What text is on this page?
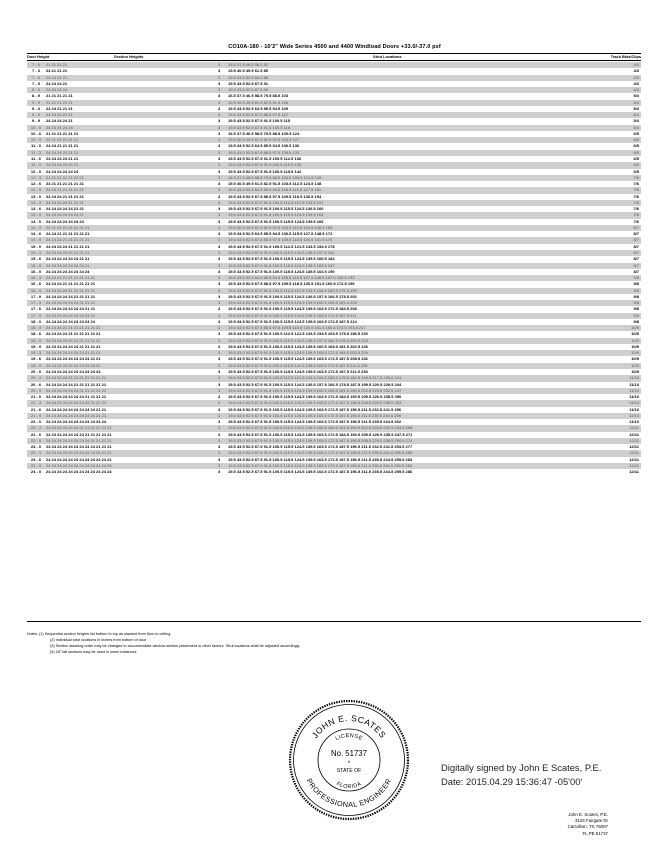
CO10A-180 - 10'2" Wide Series 4500 and 4400 Windload Doors +33.0/-37.0 psf
Door Height	Section Heights	Strut Locations	Track Bkts/Clips
7 - 0	21 21 21 21	3 16.5 37.5 46.5 58.5 82	4/3
7 - 3	24 21 21 21	3 19.5 40.5 49.5 61.5 85	4/3
7 - 6	24 24 21 21	3 19.5 43.5 52.5 64.5 88	4/3
7 - 9	24 24 24 21	3 19.5 43.5 52.5 67.5 91	4/3
8 - 0	24 24 24 24	3 19.5 43.5 52.5 67.5 94	4/3
8 - 9	21 21 21 21 21	3 16.5 37.5 46.5 58.5 79.5 88.5 103	5/4
9 - 0	21 21 21 21 21	3 19.5 40.5 49.5 61.5 82.5 91.5 106	5/4
9 - 3	24 24 21 21 21	3 19.5 43.5 52.5 64.5 85.5 94.5 109	5/4
9 - 6	24 24 24 21 21	3 19.5 43.5 52.5 67.5 88.5 97.5 112	5/4
9 - 9	24 24 24 24 21	3 19.5 43.5 52.5 67.5 91.5 100.5 115	5/4
10 - 0	24 24 24 24 24	3 19.5 43.5 52.5 67.5 91.5 100.5 118	5/4
10 - 6	21 21 21 21 21 21	3 16.5 37.5 46.5 58.5 79.5 88.5 100.5 124	6/5
10 - 9	24 21 21 21 21 21	3 19.5 40.5 49.5 61.5 82.5 91.5 103.5 127	6/5
11 - 0	24 24 21 21 21 21	3 19.5 43.5 52.5 64.5 85.5 94.5 106.5 130	6/5
11 - 3	24 24 24 21 21 21	3 19.5 43.5 52.5 67.5 88.5 97.5 109.5 133	6/5
11 - 6	24 24 24 24 21 21	3 19.5 43.5 52.5 67.5 91.5 100.5 112.5 136	6/5
11 - 9	24 24 24 24 24 21	3 19.5 43.5 52.5 67.5 91.5 100.5 115.5 139	6/5
12 - 0	24 24 24 24 24 24	3 19.5 43.5 52.5 67.5 91.5 100.5 115.5 142	6/5
12 - 3	21 21 21 21 21 21 21	3 16.5 37.5 46.5 58.5 79.5 88.5 100.5 109.5 121.5 145	7/6
12 - 6	24 21 21 21 21 21 21	3 19.5 40.5 49.5 61.5 82.5 91.5 103.5 112.5 124.5 148	7/6
12 - 9	24 24 21 21 21 21 21	3 19.5 43.5 52.5 64.5 85.5 94.5 106.5 115.5 127.5 151	7/6
13 - 0	24 24 24 21 21 21 21	3 19.5 43.5 52.5 67.5 88.5 97.5 109.5 118.5 130.5 154	7/6
13 - 3	24 24 24 24 21 21 21	3 19.5 43.5 52.5 67.5 91.5 100.5 112.5 121.5 133.5 157	7/6
13 - 6	24 24 24 24 24 21 21	3 19.5 43.5 52.5 67.5 91.5 100.5 115.5 124.5 136.5 160	7/6
13 - 9	24 24 24 24 24 24 21	3 19.5 43.5 52.5 67.5 91.5 100.5 115.5 124.5 139.5 163	7/6
14 - 0	24 24 24 24 24 24 24	3 19.5 43.5 52.5 67.5 91.5 100.5 115.5 124.5 139.5 166	7/6
14 - 3	24 21 21 21 21 21 21 21	3 19.5 40.5 49.5 61.5 82.5 91.5 103.5 112.5 124.5 145.5 169	8/7
14 - 6	24 24 21 21 21 21 21 21	3 19.5 43.5 52.5 64.5 85.5 94.5 106.5 115.5 127.5 148.5 172	8/7
14 - 9	24 24 24 21 21 21 21 21	3 19.5 43.5 52.5 67.5 88.5 97.5 109.5 118.5 130.5 151.5 175	8/7
15 - 0	24 24 24 24 21 21 21 21	3 19.5 43.5 52.5 67.5 91.5 100.5 112.5 121.5 133.5 154.5 178	8/7
15 - 3	24 24 24 24 24 21 21 21	3 19.5 43.5 52.5 67.5 91.5 100.5 115.5 124.5 136.5 157.5 181	8/7
15 - 6	24 24 24 24 24 24 21 21	3 19.5 43.5 52.5 67.5 91.5 100.5 115.5 124.5 139.5 160.5 184	8/7
15 - 9	24 24 24 24 24 24 24 21	3 19.5 43.5 52.5 67.5 91.5 100.5 115.5 124.5 139.5 163.5 187	8/7
16 - 0	24 24 24 24 24 24 24 24	3 19.5 43.5 52.5 67.5 91.5 100.5 115.5 124.5 139.5 163.5 190	8/7
16 - 3	24 24 21 21 21 21 21 21 21	3 19.5 43.5 52.5 64.5 85.5 94.5 106.5 115.5 127.5 148.5 157.5 169.5 193	9/8
16 - 6	24 24 24 21 21 21 21 21 21	3 19.5 43.5 52.5 67.5 88.5 97.5 109.5 118.5 130.5 151.5 160.5 172.5 196	9/8
16 - 9	24 24 24 24 21 21 21 21 21	3 19.5 43.5 52.5 67.5 91.5 100.5 112.5 121.5 133.5 154.5 163.5 175.5 199	9/8
17 - 0	24 24 24 24 24 21 21 21 21	3 19.5 43.5 52.5 67.5 91.5 100.5 115.5 124.5 136.5 157.5 166.5 178.5 202	9/8
17 - 3	24 24 24 24 24 24 21 21 21	3 19.5 43.5 52.5 67.5 91.5 100.5 115.5 124.5 139.5 160.5 169.5 181.5 205	9/8
17 - 6	24 24 24 24 24 24 24 21 21	3 19.5 43.5 52.5 67.5 91.5 100.5 115.5 124.5 139.5 163.5 172.5 184.5 208	9/8
17 - 9	24 24 24 24 24 24 24 24 21	3 19.5 43.5 52.5 67.5 91.5 100.5 115.5 124.5 139.5 163.5 172.5 187.5 211	9/8
18 - 0	24 24 24 24 24 24 24 24 24	3 19.5 43.5 52.5 67.5 91.5 100.5 115.5 124.5 139.5 163.5 172.5 187.5 214	9/8
18 - 3	24 24 24 21 21 21 21 21 21 21	3 19.5 43.5 52.5 67.5 88.5 97.5 109.5 118.5 130.5 151.5 160.5 172.5 193.5 217	10/9
18 - 6	24 24 24 24 21 21 21 21 21 21	3 19.5 43.5 52.5 67.5 91.5 100.5 112.5 121.5 133.5 154.5 163.5 175.5 196.5 220	10/9
18 - 9	24 24 24 24 24 21 21 21 21 21	3 19.5 43.5 52.5 67.5 91.5 100.5 115.5 124.5 136.5 157.5 166.5 178.5 199.5 223	10/9
19 - 0	24 24 24 24 24 24 21 21 21 21	3 19.5 43.5 52.5 67.5 91.5 100.5 115.5 124.5 139.5 160.5 169.5 181.5 202.5 226	10/9
19 - 3	24 24 24 24 24 24 24 21 21 21	3 19.5 43.5 52.5 67.5 91.5 100.5 115.5 124.5 139.5 163.5 172.5 184.5 205.5 229	10/9
19 - 6	24 24 24 24 24 24 24 24 21 21	3 19.5 43.5 52.5 67.5 91.5 100.5 115.5 124.5 139.5 163.5 172.5 187.5 208.5 232	10/9
19 - 9	24 24 24 24 24 24 24 24 24 21	3 19.5 43.5 52.5 67.5 91.5 100.5 115.5 124.5 139.5 163.5 172.5 187.5 211.5 235	10/9
20 - 0	24 24 24 24 24 24 24 24 24 24	3 19.5 43.5 52.5 67.5 91.5 100.5 115.5 124.5 139.5 163.5 172.5 187.5 211.5 238	10/9
20 - 3	24 24 24 24 21 21 21 21 21 21 21	3 19.5 43.5 52.5 67.5 91.5 100.5 112.5 121.5 133.5 154.5 163.5 175.5 184.5 196.5 217.5 226.5 241	11/10
20 - 6	24 24 24 24 24 21 21 21 21 21 21	3 19.5 43.5 52.5 67.5 91.5 100.5 115.5 124.5 136.5 157.5 166.5 178.5 187.5 199.5 220.5 229.5 244	11/10
20 - 9	24 24 24 24 24 24 21 21 21 21 21	3 19.5 43.5 52.5 67.5 91.5 100.5 115.5 124.5 139.5 160.5 169.5 181.5 190.5 202.5 223.5 232.5 247	11/10
21 - 0	24 24 24 24 24 24 24 21 21 21 21	3 19.5 43.5 52.5 67.5 91.5 100.5 115.5 124.5 139.5 163.5 172.5 184.5 193.5 205.5 226.5 235.5 250	11/10
21 - 3	24 24 24 24 24 24 24 24 21 21 21	3 19.5 43.5 52.5 67.5 91.5 100.5 115.5 124.5 139.5 163.5 172.5 187.5 196.5 208.5 229.5 238.5 253	11/10
21 - 6	24 24 24 24 24 24 24 24 24 21 21	3 19.5 43.5 52.5 67.5 91.5 100.5 115.5 124.5 139.5 163.5 172.5 187.5 196.5 211.5 232.5 241.5 256	11/10
21 - 9	24 24 24 24 24 24 24 24 24 24 21	3 19.5 43.5 52.5 67.5 91.5 100.5 115.5 124.5 139.5 163.5 172.5 187.5 196.5 211.5 235.5 244.5 259	11/10
22 - 0	24 24 24 24 24 24 24 24 24 24 24	3 19.5 43.5 52.5 67.5 91.5 100.5 115.5 124.5 139.5 163.5 172.5 187.5 196.5 211.5 235.5 244.5 262	11/10
22 - 3	24 24 24 24 24 24 21 21 21 21 21 21	3 19.5 43.5 52.5 67.5 91.5 100.5 115.5 124.5 139.5 160.5 169.5 181.5 190.5 202.5 223.5 232.5 244.5 268	12/11
22 - 6	24 24 24 24 24 24 24 21 21 21 21 21	3 19.5 43.5 52.5 67.5 91.5 100.5 115.5 124.5 139.5 163.5 172.5 184.5 193.5 205.5 226.5 235.5 247.5 271	12/11
22 - 9	24 24 24 24 24 24 24 24 21 21 21 21	3 19.5 43.5 52.5 67.5 91.5 100.5 115.5 124.5 139.5 163.5 172.5 187.5 196.5 208.5 229.5 238.5 250.5 274	12/11
23 - 0	24 24 24 24 24 24 24 24 24 21 21 21	3 19.5 43.5 52.5 67.5 91.5 100.5 115.5 124.5 139.5 163.5 172.5 187.5 196.5 211.5 232.5 241.5 253.5 277	12/11
23 - 3	24 24 24 24 24 24 24 24 24 24 21 21	3 19.5 43.5 52.5 67.5 91.5 100.5 115.5 124.5 139.5 163.5 172.5 187.5 196.5 211.5 235.5 244.5 256.5 280	12/11
23 - 6	24 24 24 24 24 24 24 24 24 24 24 21	3 19.5 43.5 52.5 67.5 91.5 100.5 115.5 124.5 139.5 163.5 172.5 187.5 196.5 211.5 235.5 244.5 259.5 283	12/11
23 - 9	24 24 24 24 24 24 24 24 24 24 24 24	3 19.5 43.5 52.5 67.5 91.5 100.5 115.5 124.5 139.5 163.5 172.5 187.5 196.5 211.5 235.5 244.5 259.5 283	12/11
24 - 0	24 24 24 24 24 24 24 24 24 24 24 24	3 19.5 43.5 52.5 67.5 91.5 100.5 115.5 124.5 139.5 163.5 172.5 187.5 196.5 211.5 235.5 244.5 259.5 286	12/11
Notes: (1) Sequential section heights list bottom to top as stacked from floor to ceiling
(2) Individual strut locations in inches from bottom of door
(3) Section stacking order may be changed to accommodate window section placement or other factors. Strut locations shall be adjusted accordingly.
(4) 18" tall sections may be used in some instances.
JOHN E. SCATES
PROFESSIONAL ENGINEER
LICENSE
FLORIDA
No. 51737
*
STATE OF	Digitally signed by John E Scates, P.E.
Date: 2015.04.29 15:36:47 -05'00'
John E. Scates, P.E.
3126 Fairgate Dr
Carrollton, TX 75007
FL PE 51737
